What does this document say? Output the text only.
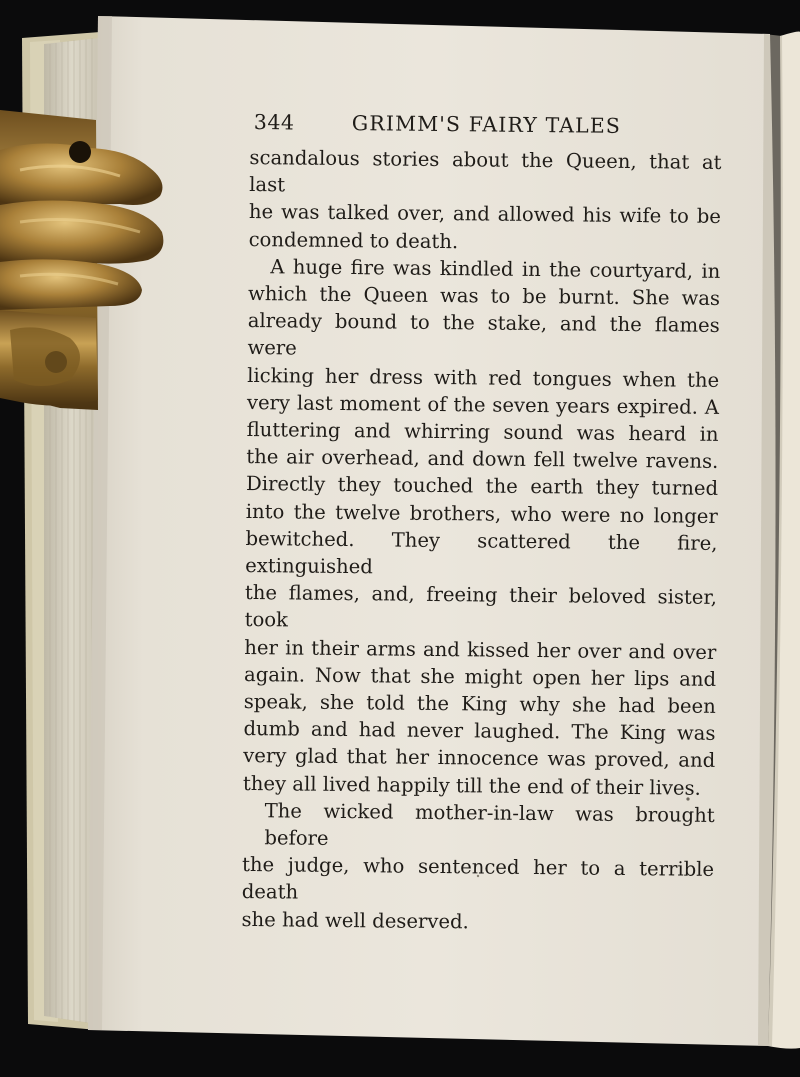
344	GRIMM'S FAIRY TALES

scandalous stories about the Queen, that at last
he was talked over, and allowed his wife to be
condemned to death.

A huge fire was kindled in the courtyard, in
which the Queen was to be burnt. She was
already bound to the stake, and the flames were
licking her dress with red tongues when the
very last moment of the seven years expired. A
fluttering and whirring sound was heard in
the air overhead, and down fell twelve ravens.
Directly they touched the earth they turned
into the twelve brothers, who were no longer
bewitched. They scattered the fire, extinguished
the flames, and, freeing their beloved sister, took
her in their arms and kissed her over and over
again. Now that she might open her lips and
speak, she told the King why she had been
dumb and had never laughed. The King was
very glad that her innocence was proved, and
they all lived happily till the end of their lives.

The wicked mother-in-law was brought before
the judge, who sentenced her to a terrible death
she had well deserved.
